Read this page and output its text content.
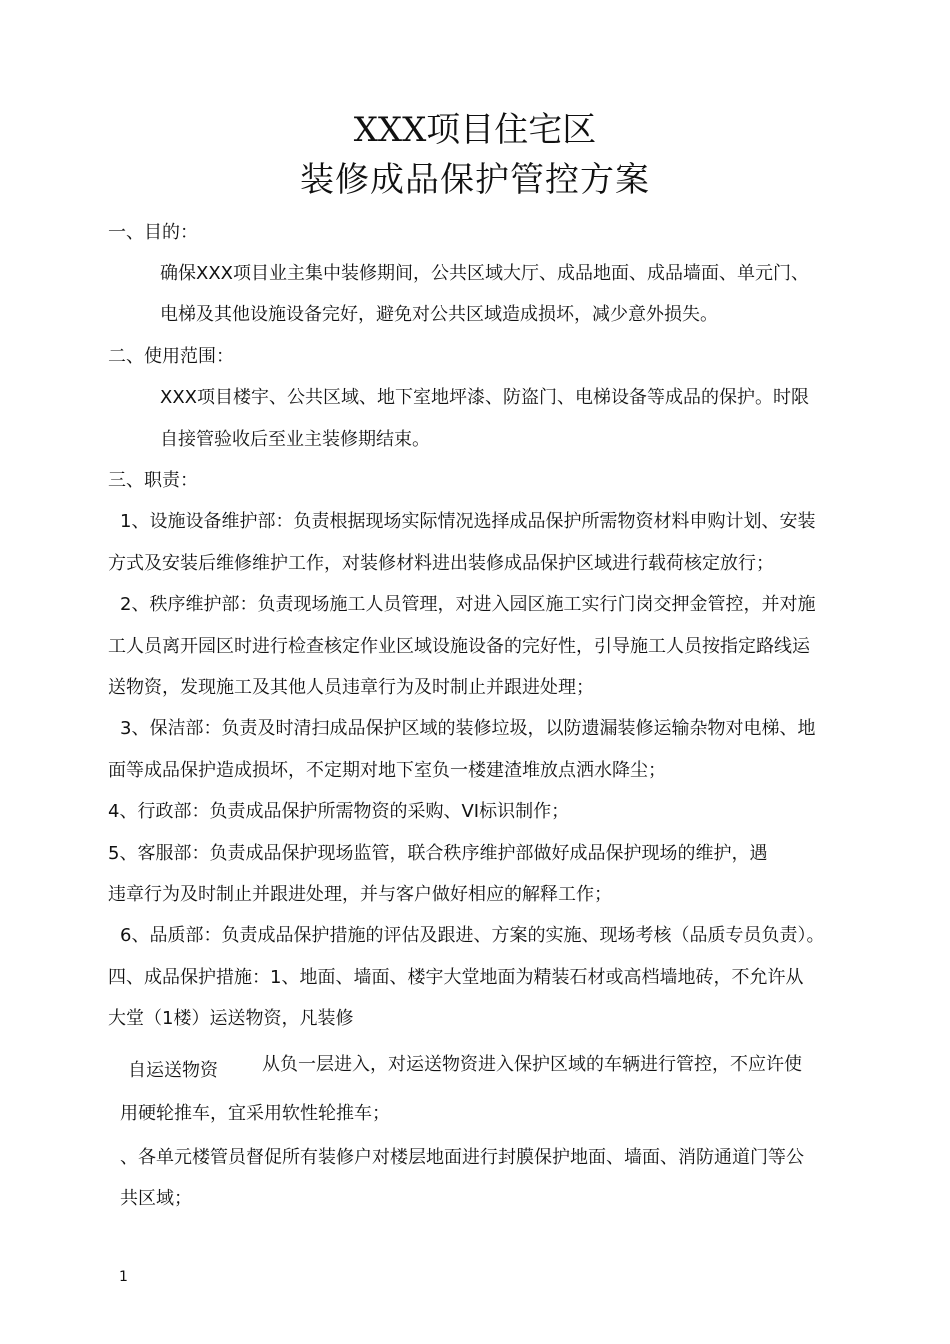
XXX项目住宅区
装修成品保护管控方案
一、目的：
确保XXX项目业主集中装修期间，公共区域大厅、成品地面、成品墙面、单元门、
电梯及其他设施设备完好，避免对公共区域造成损坏，减少意外损失。
二、使用范围：
XXX项目楼宇、公共区域、地下室地坪漆、防盗门、电梯设备等成品的保护。时限
自接管验收后至业主装修期结束。
三、职责：
1、设施设备维护部：负责根据现场实际情况选择成品保护所需物资材料申购计划、安装
方式及安装后维修维护工作，对装修材料进出装修成品保护区域进行载荷核定放行；
2、秩序维护部：负责现场施工人员管理，对进入园区施工实行门岗交押金管控，并对施
工人员离开园区时进行检查核定作业区域设施设备的完好性，引导施工人员按指定路线运
送物资，发现施工及其他人员违章行为及时制止并跟进处理；
3、保洁部：负责及时清扫成品保护区域的装修垃圾，以防遗漏装修运输杂物对电梯、地
面等成品保护造成损坏，不定期对地下室负一楼建渣堆放点洒水降尘；
4、行政部：负责成品保护所需物资的采购、VI标识制作；
5、客服部：负责成品保护现场监管，联合秩序维护部做好成品保护现场的维护，遇
违章行为及时制止并跟进处理，并与客户做好相应的解释工作；
6、品质部：负责成品保护措施的评估及跟进、方案的实施、现场考核（品质专员负责）。
四、成品保护措施：1、地面、墙面、楼宇大堂地面为精装石材或高档墙地砖，不允许从
大堂（1楼）运送物资，凡装修
自运送物资 从负一层进入，对运送物资进入保护区域的车辆进行管控，不应许使
用硬轮推车，宜采用软性轮推车；
、各单元楼管员督促所有装修户对楼层地面进行封膜保护地面、墙面、消防通道门等公
共区域；
1
